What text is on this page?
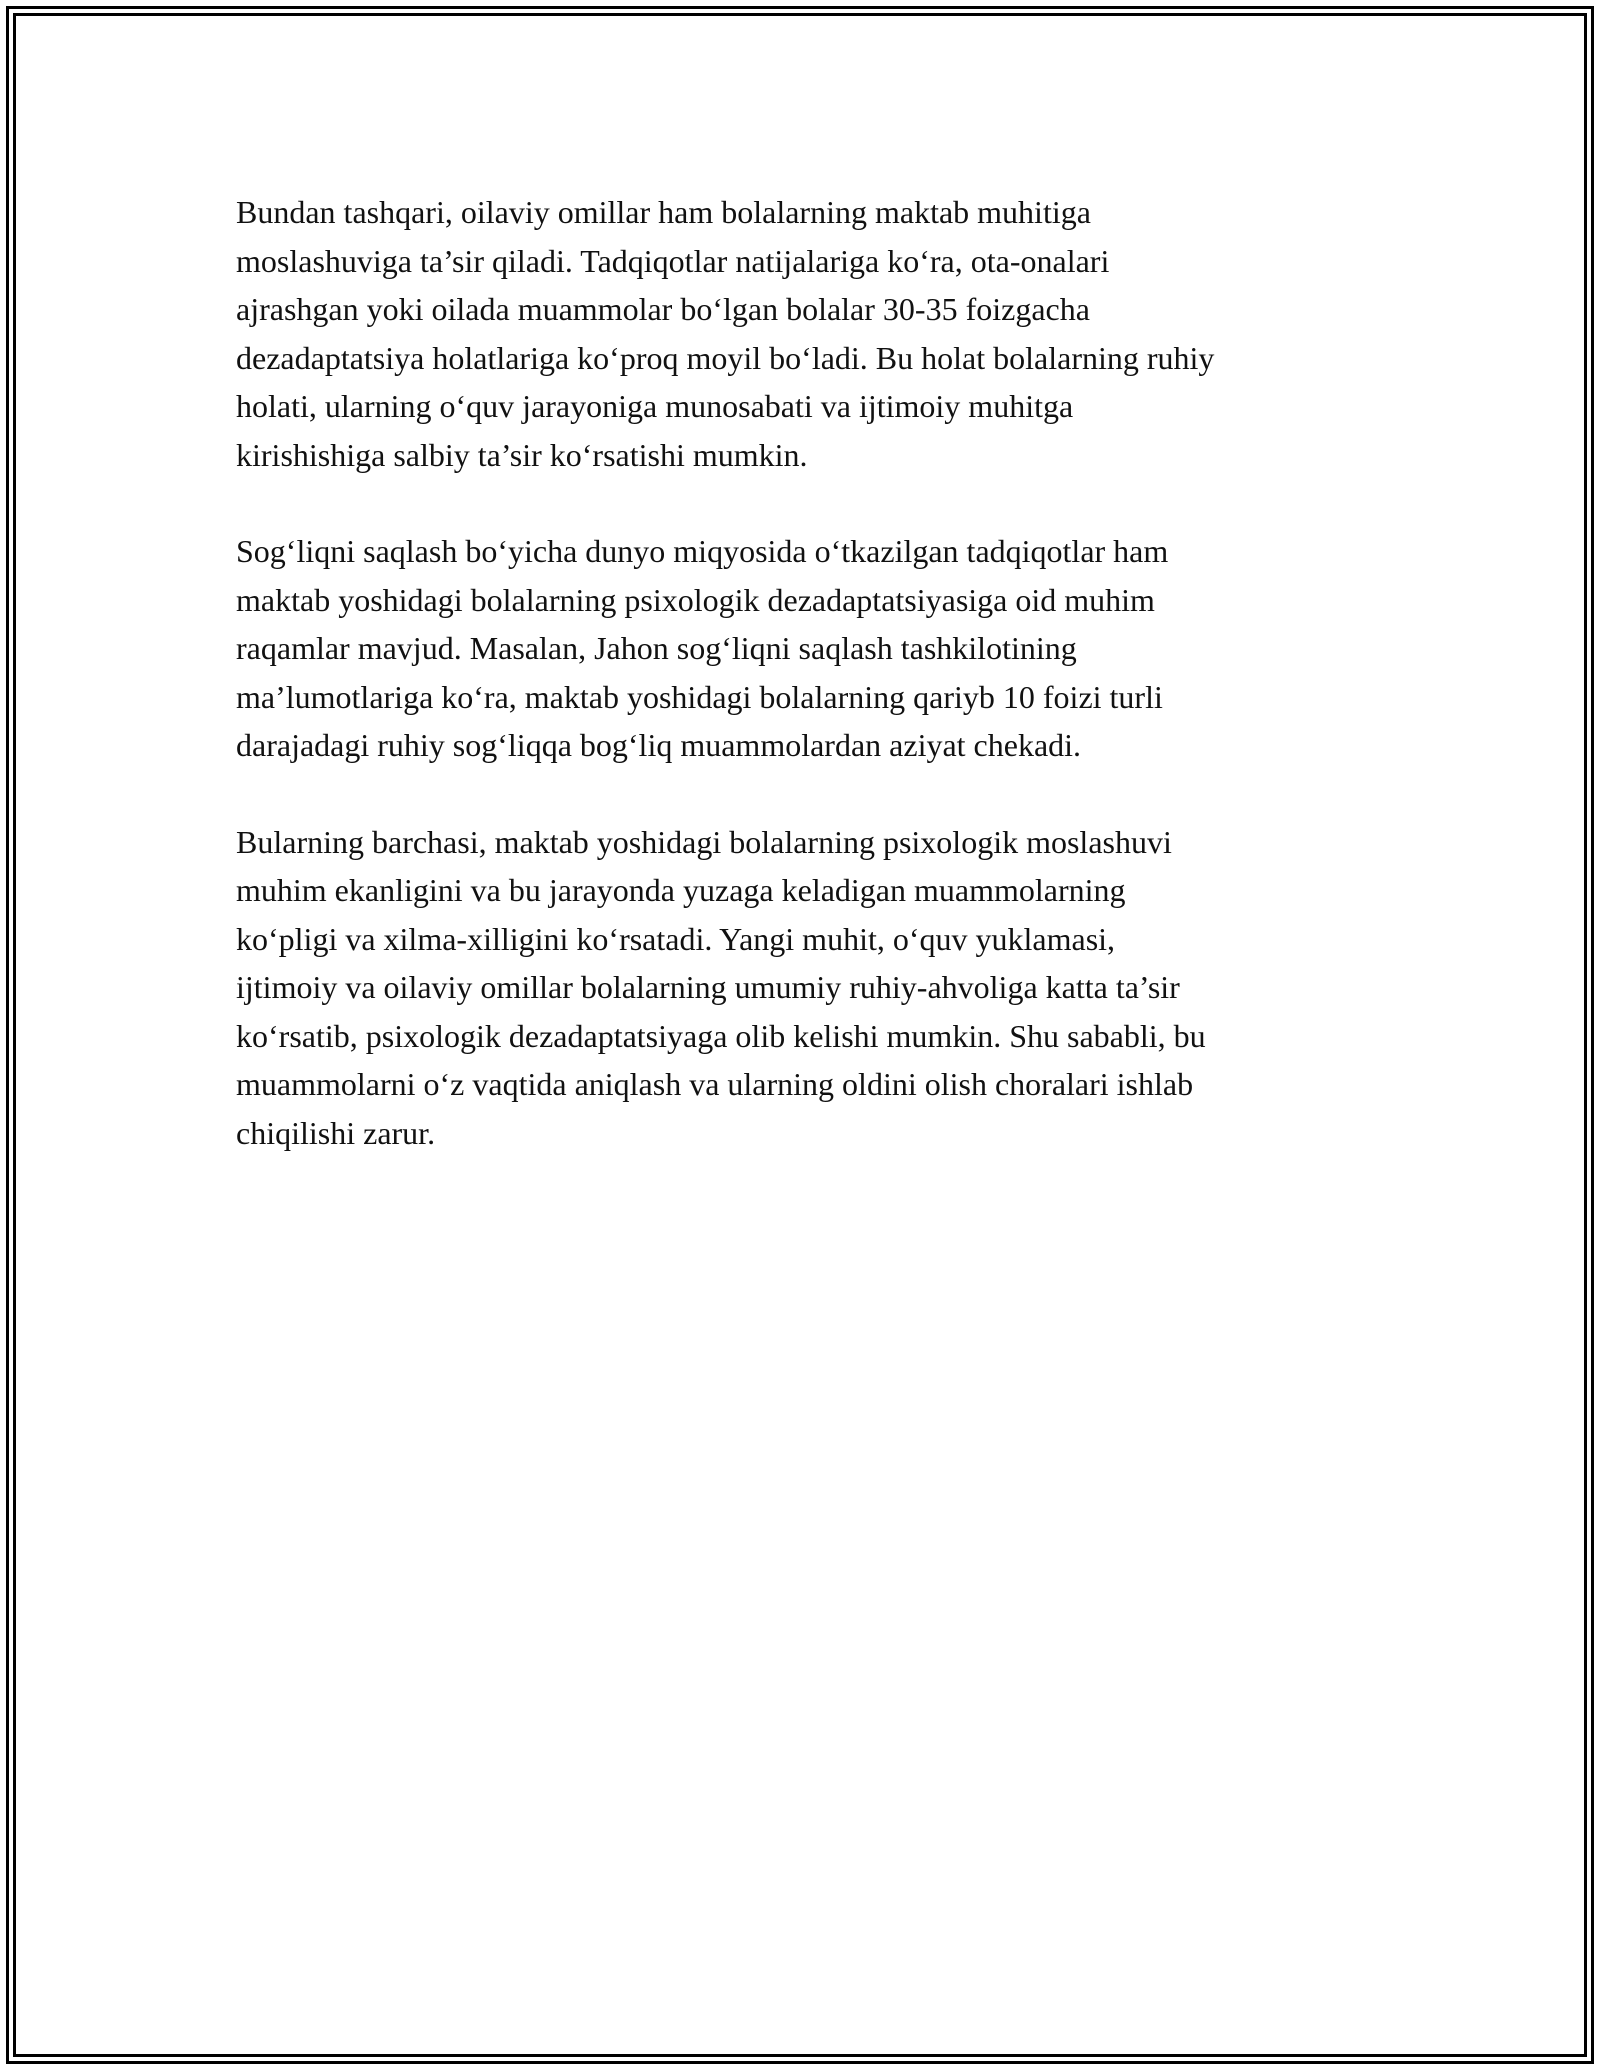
Bundan tashqari, oilaviy omillar ham bolalarning maktab muhitiga
moslashuviga ta’sir qiladi. Tadqiqotlar natijalariga ko‘ra, ota-onalari
ajrashgan yoki oilada muammolar bo‘lgan bolalar 30-35 foizgacha
dezadaptatsiya holatlariga ko‘proq moyil bo‘ladi. Bu holat bolalarning ruhiy
holati, ularning o‘quv jarayoniga munosabati va ijtimoiy muhitga
kirishishiga salbiy ta’sir ko‘rsatishi mumkin.

Sog‘liqni saqlash bo‘yicha dunyo miqyosida o‘tkazilgan tadqiqotlar ham
maktab yoshidagi bolalarning psixologik dezadaptatsiyasiga oid muhim
raqamlar mavjud. Masalan, Jahon sog‘liqni saqlash tashkilotining
ma’lumotlariga ko‘ra, maktab yoshidagi bolalarning qariyb 10 foizi turli
darajadagi ruhiy sog‘liqqa bog‘liq muammolardan aziyat chekadi.

Bularning barchasi, maktab yoshidagi bolalarning psixologik moslashuvi
muhim ekanligini va bu jarayonda yuzaga keladigan muammolarning
ko‘pligi va xilma-xilligini ko‘rsatadi. Yangi muhit, o‘quv yuklamasi,
ijtimoiy va oilaviy omillar bolalarning umumiy ruhiy-ahvoliga katta ta’sir
ko‘rsatib, psixologik dezadaptatsiyaga olib kelishi mumkin. Shu sababli, bu
muammolarni o‘z vaqtida aniqlash va ularning oldini olish choralari ishlab
chiqilishi zarur.
